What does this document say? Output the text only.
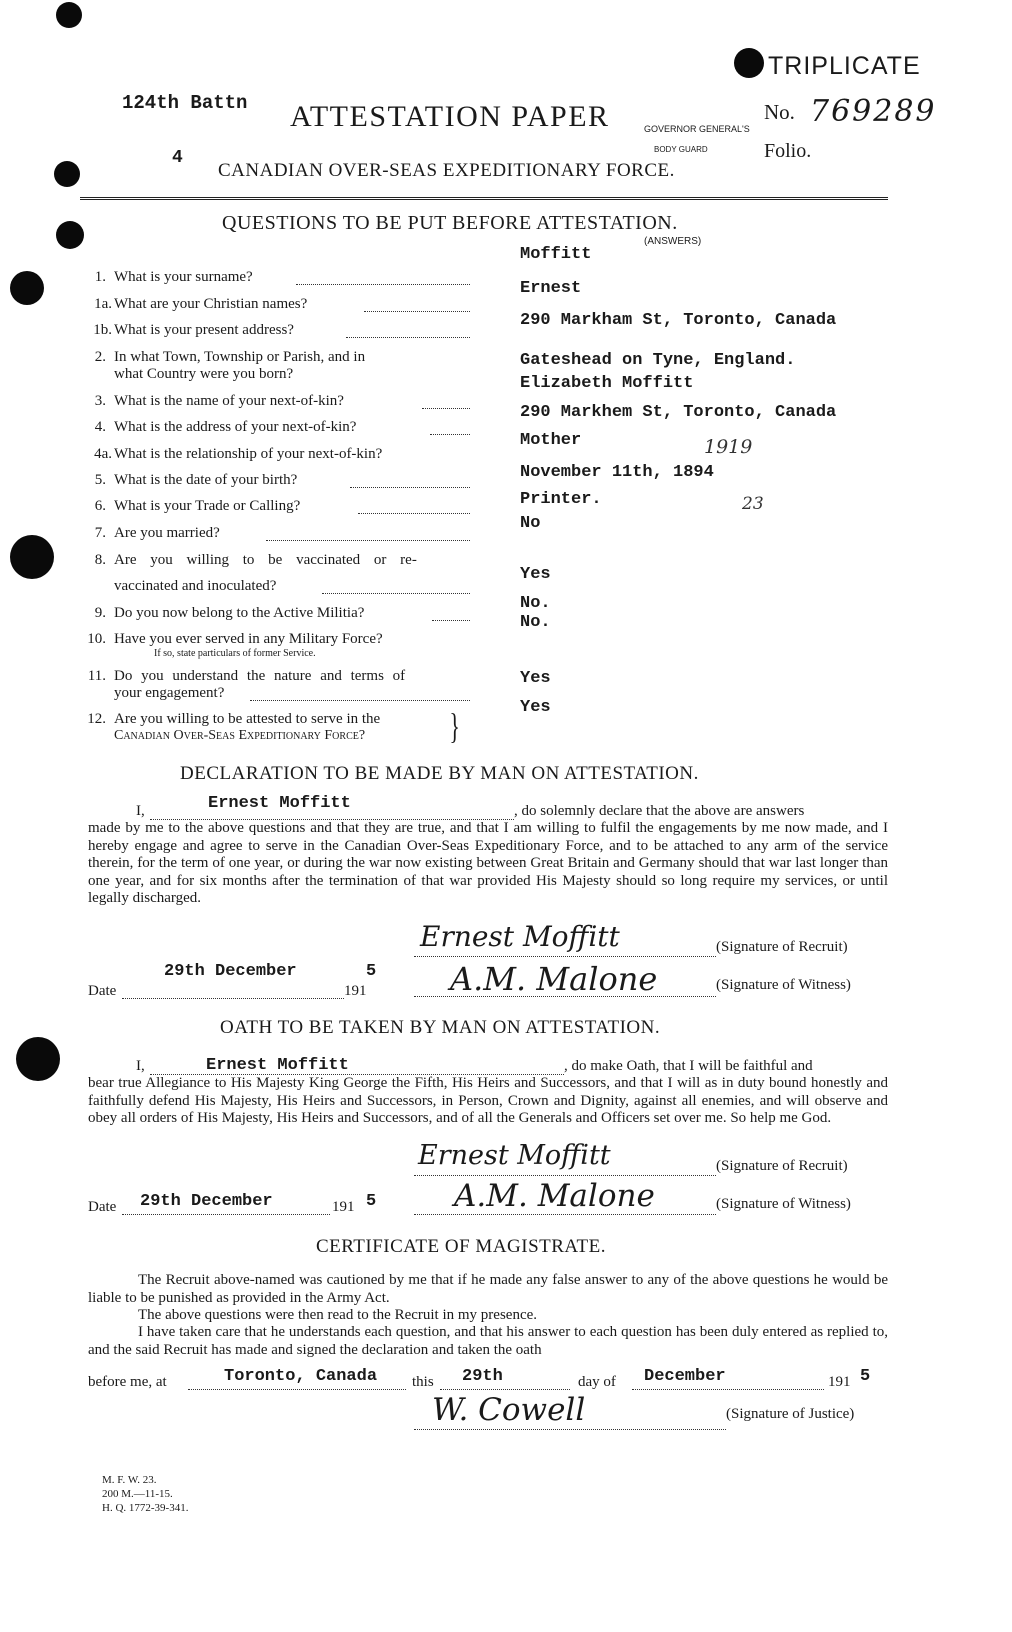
124th Battn
4
ATTESTATION PAPER	GOVERNOR GENERAL'S
BODY GUARD
CANADIAN OVER-SEAS EXPEDITIONARY FORCE.
TRIPLICATE
No. 769289
Folio.
QUESTIONS TO BE PUT BEFORE ATTESTATION.
(ANSWERS)
1. What is your surname?
Moffitt
1a. What are your Christian names?
Ernest
1b. What is your present address?	290 Markham St, Toronto, Canada
2. In what Town, Township or Parish, and in
what Country were you born?
Gateshead on Tyne, England.
3. What is the name of your next-of-kin?
Elizabeth Moffitt
4. What is the address of your next-of-kin?
290 Markhem St, Toronto, Canada
4a. What is the relationship of your next-of-kin?
Mother	1919
5. What is the date of your birth?	November 11th, 1894
6. What is your Trade or Calling?	Printer.	23
7. Are you married?	No
8. Are you willing to be vaccinated or re-
vaccinated and inoculated?
Yes
9. Do you now belong to the Active Militia?	No.
10. Have you ever served in any Military Force?
If so, state particulars of former Service.
No.
11. Do you understand the nature and terms of
your engagement?
Yes
12. Are you willing to be attested to serve in the
Canadian Over-Seas Expeditionary Force? }	Yes
DECLARATION TO BE MADE BY MAN ON ATTESTATION.
I,	Ernest Moffitt	, do solemnly declare that the above are answers
made by me to the above questions and that they are true, and that I am willing to fulfil the engagements by me now made, and I hereby engage and agree to serve in the Canadian Over-Seas Expeditionary Force, and to be attached to any arm of the service therein, for the term of one year, or during the war now existing between Great Britain and Germany should that war last longer than one year, and for six months after the termination of that war provided His Majesty should so long require my services, or until legally discharged.
Ernest Moffitt	(Signature of Recruit)
29th December	5
Date	191	A.M. Malone	(Signature of Witness)
OATH TO BE TAKEN BY MAN ON ATTESTATION.
I,	Ernest Moffitt	, do make Oath, that I will be faithful and
bear true Allegiance to His Majesty King George the Fifth, His Heirs and Successors, and that I will as in duty bound honestly and faithfully defend His Majesty, His Heirs and Successors, in Person, Crown and Dignity, against all enemies, and will observe and obey all orders of His Majesty, His Heirs and Successors, and of all the Generals and Officers set over me. So help me God.
Ernest Moffitt	(Signature of Recruit)
Date 29th December	191 5	A.M. Malone	(Signature of Witness)
CERTIFICATE OF MAGISTRATE.
The Recruit above-named was cautioned by me that if he made any false answer to any of the above questions he would be liable to be punished as provided in the Army Act.
The above questions were then read to the Recruit in my presence.
I have taken care that he understands each question, and that his answer to each question has been duly entered as replied to, and the said Recruit has made and signed the declaration and taken the oath
before me, at	Toronto, Canada this 29th	day of December	191 5
W. Cowell	(Signature of Justice)
M. F. W. 23.
200 M.—11-15.
H. Q. 1772-39-341.
